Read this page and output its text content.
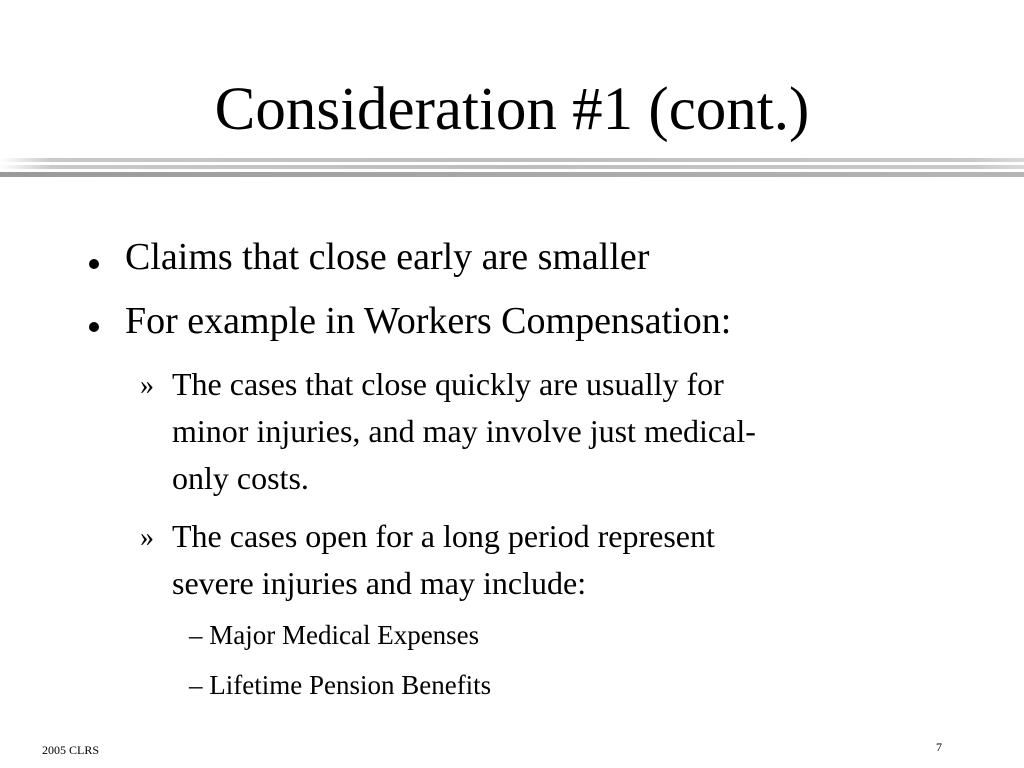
Consideration #1 (cont.)
Claims that close early are smaller
For example in Workers Compensation:
» The cases that close quickly are usually for
minor injuries, and may involve just medical-
only costs.
» The cases open for a long period represent
severe injuries and may include:
– Major Medical Expenses
– Lifetime Pension Benefits
2005 CLRS	7
